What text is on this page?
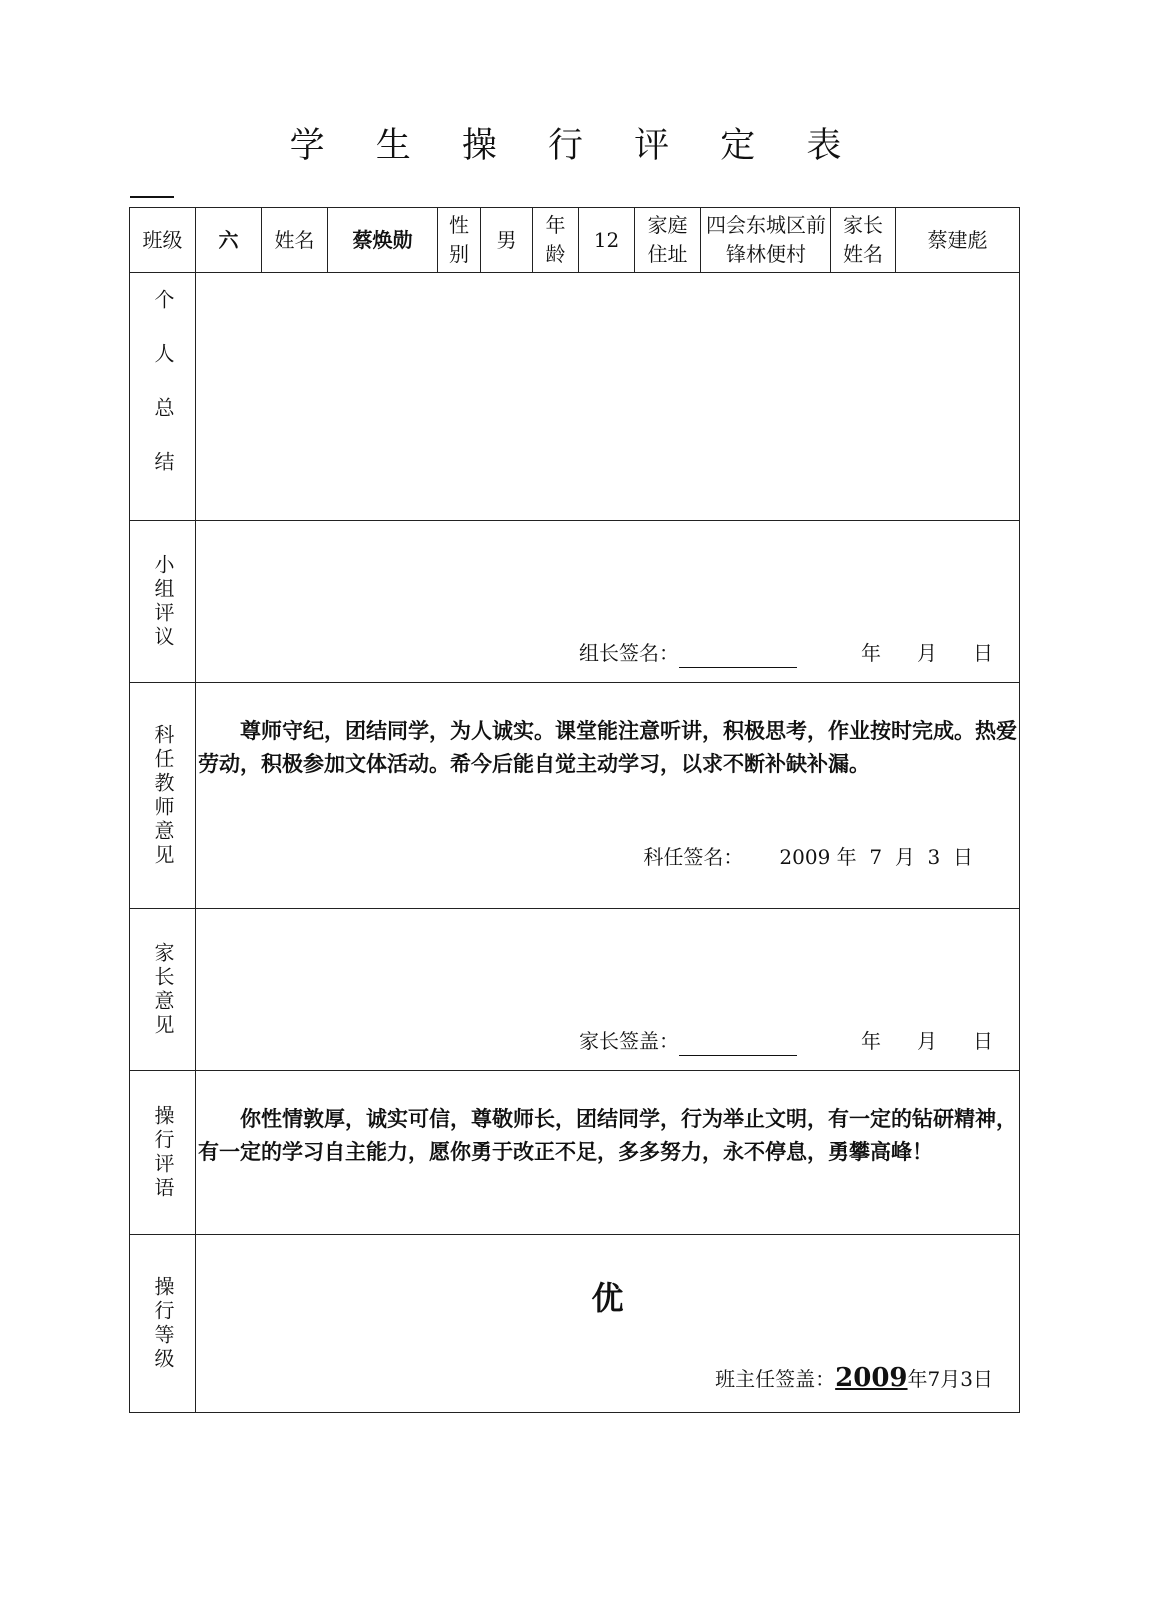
学 生 操 行 评 定 表
班级	六	姓名	蔡焕勋	性别	男	年龄	12	家庭住址	四会东城区前锋林便村	家长姓名	蔡建彪

个人总结											

小组评议	组长签名： 年 月 日										

科任教师意见	尊师守纪，团结同学，为人诚实。课堂能注意听讲，积极思考，作业按时完成。热爱劳动，积极参加文体活动。希今后能自觉主动学习，以求不断补缺补漏。

科任签名： 2009 年 7 月 3 日										

家长意见	家长签盖： 年 月 日										

操行评语	你性情敦厚，诚实可信，尊敬师长，团结同学，行为举止文明，有一定的钻研精神，有一定的学习自主能力，愿你勇于改正不足，多多努力，永不停息，勇攀高峰！										

操行等级	优
班主任签盖：2009年7月3日										
